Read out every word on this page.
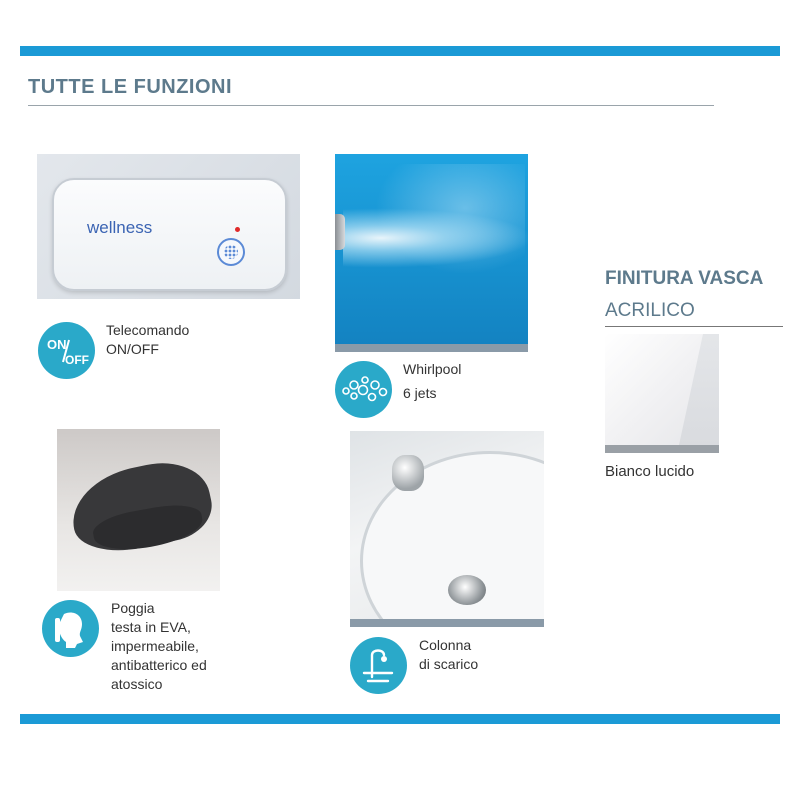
TUTTE LE FUNZIONI
wellness
ON
OFF
Telecomando
ON/OFF
Whirlpool
6 jets
Poggia
testa in EVA,
impermeabile,
antibatterico ed
atossico
Colonna
di scarico
FINITURA VASCA
ACRILICO
Bianco lucido
